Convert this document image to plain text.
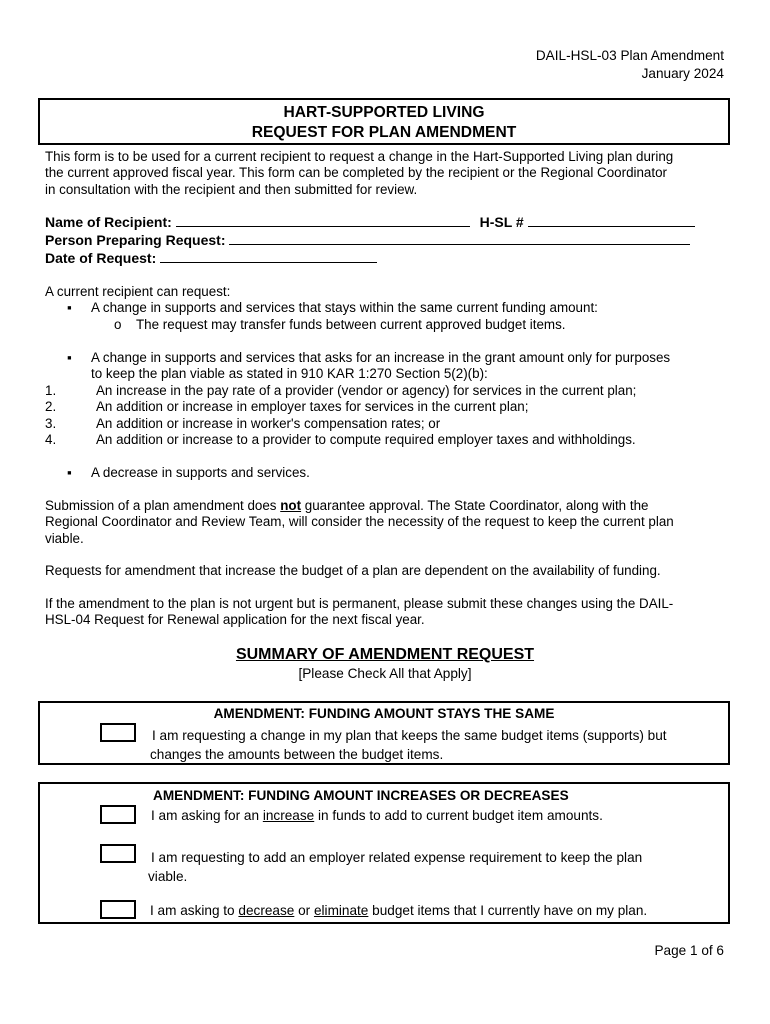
DAIL-HSL-03 Plan Amendment
January 2024
HART-SUPPORTED LIVING
REQUEST FOR PLAN AMENDMENT
This form is to be used for a current recipient to request a change in the Hart-Supported Living plan during
the current approved fiscal year. This form can be completed by the recipient or the Regional Coordinator
in consultation with the recipient and then submitted for review.
Name of Recipient:	H-SL #
Person Preparing Request:
Date of Request:
A current recipient can request:
▪ A change in supports and services that stays within the same current funding amount:
o The request may transfer funds between current approved budget items.
▪ A change in supports and services that asks for an increase in the grant amount only for purposes
to keep the plan viable as stated in 910 KAR 1:270 Section 5(2)(b):
1.	An increase in the pay rate of a provider (vendor or agency) for services in the current plan;
2.	An addition or increase in employer taxes for services in the current plan;
3.	An addition or increase in worker's compensation rates; or
4.	An addition or increase to a provider to compute required employer taxes and withholdings.
▪ A decrease in supports and services.
Submission of a plan amendment does not guarantee approval. The State Coordinator, along with the
Regional Coordinator and Review Team, will consider the necessity of the request to keep the current plan
viable.
Requests for amendment that increase the budget of a plan are dependent on the availability of funding.
If the amendment to the plan is not urgent but is permanent, please submit these changes using the DAIL-
HSL-04 Request for Renewal application for the next fiscal year.
SUMMARY OF AMENDMENT REQUEST
[Please Check All that Apply]
AMENDMENT: FUNDING AMOUNT STAYS THE SAME
I am requesting a change in my plan that keeps the same budget items (supports) but
changes the amounts between the budget items.
AMENDMENT: FUNDING AMOUNT INCREASES OR DECREASES
I am asking for an increase in funds to add to current budget item amounts.
I am requesting to add an employer related expense requirement to keep the plan
viable.
I am asking to decrease or eliminate budget items that I currently have on my plan.
Page 1 of 6
